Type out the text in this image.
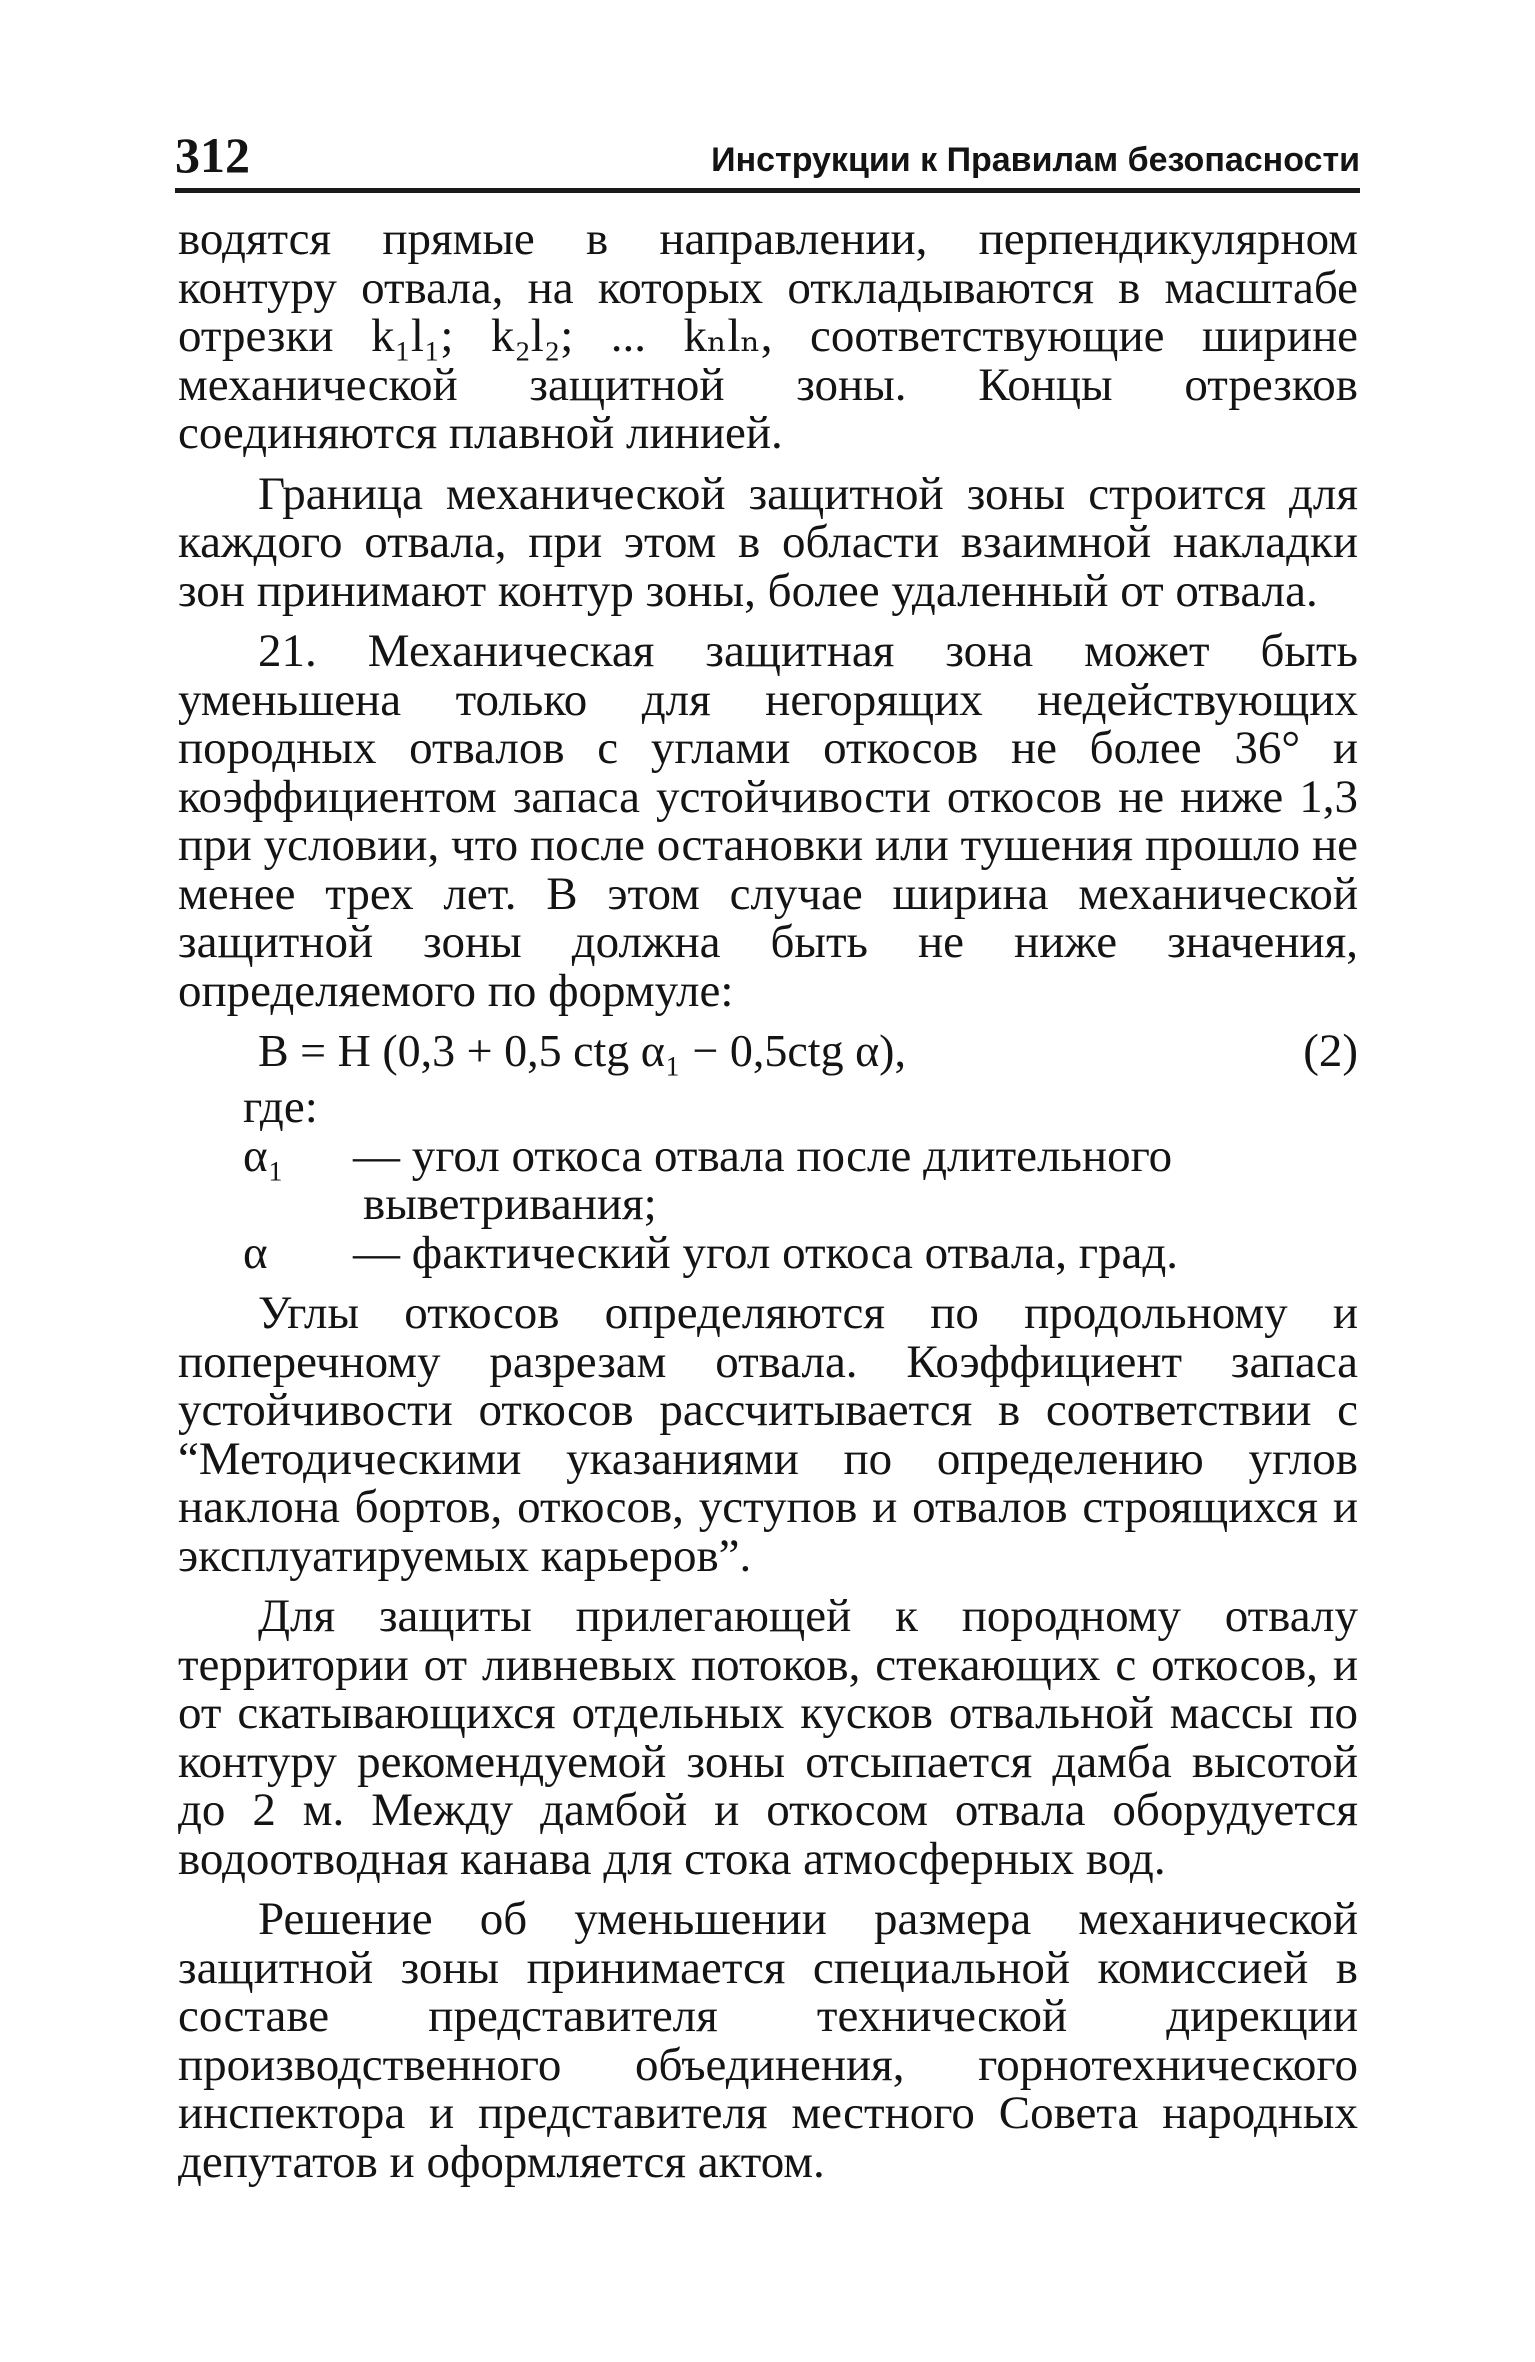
312	Инструкции к Правилам безопасности

водятся прямые в направлении, перпендикулярном контуру отвала, на которых откладываются в масштабе отрезки k₁l₁; k₂l₂; ... kₙlₙ, соответствующие ширине механической защитной зоны. Концы отрезков соединяются плавной линией.

Граница механической защитной зоны строится для каждого отвала, при этом в области взаимной накладки зон принимают контур зоны, более удаленный от отвала.

21. Механическая защитная зона может быть уменьшена только для негорящих недействующих породных отвалов с углами откосов не более 36° и коэффициентом запаса устойчивости откосов не ниже 1,3 при условии, что после остановки или тушения прошло не менее трех лет. В этом случае ширина механической защитной зоны должна быть не ниже значения, определяемого по формуле:

B = H (0,3 + 0,5 ctg α₁ − 0,5ctg α),	(2)
где:
α₁ — угол откоса отвала после длительного выветривания;
α — фактический угол откоса отвала, град.

Углы откосов определяются по продольному и поперечному разрезам отвала. Коэффициент запаса устойчивости откосов рассчитывается в соответствии с “Методическими указаниями по определению углов наклона бортов, откосов, уступов и отвалов строящихся и эксплуатируемых карьеров”.

Для защиты прилегающей к породному отвалу территории от ливневых потоков, стекающих с откосов, и от скатывающихся отдельных кусков отвальной массы по контуру рекомендуемой зоны отсыпается дамба высотой до 2 м. Между дамбой и откосом отвала оборудуется водоотводная канава для стока атмосферных вод.

Решение об уменьшении размера механической защитной зоны принимается специальной комиссией в составе представителя технической дирекции производственного объединения, горнотехнического инспектора и представителя местного Совета народных депутатов и оформляется актом.
